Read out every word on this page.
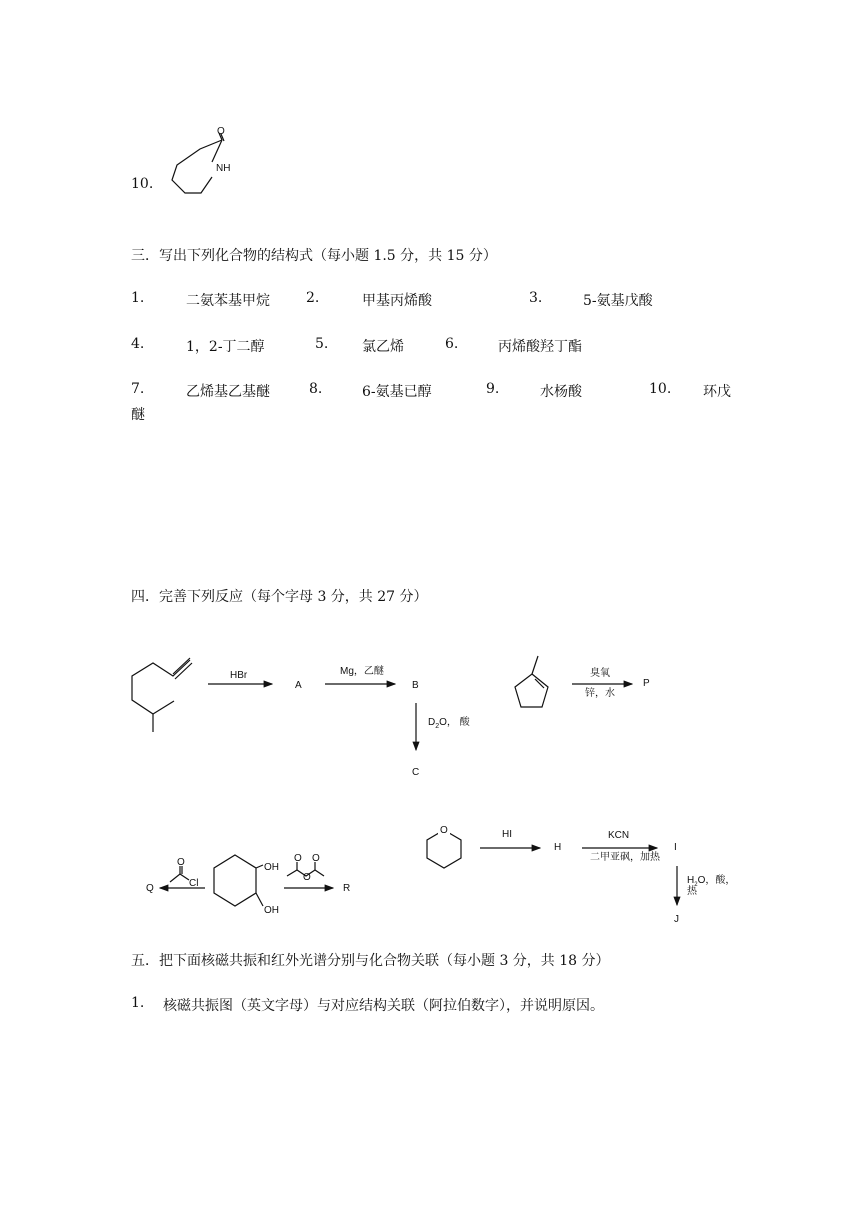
10.
O
NH
三．写出下列化合物的结构式（每小题 1.5 分，共 15 分）
1.	二氨苯基甲烷	2.	甲基丙烯酸	3.	5-氨基戊酸
4.	1，2-丁二醇	5. 氯乙烯	6.	丙烯酸羟丁酯
7.	乙烯基乙基醚	8.	6-氨基已醇	9.	水杨酸	10. 环戊
醚
四．完善下列反应（每个字母 3 分，共 27 分）
HBr
A
Mg，乙醚
B
$D_2O$， 酸
C
臭氧
锌，水
P
O	HI
H
KCN
二甲亚砜，加热
I
$H_2O$，酸，
热
J
Q
O
Cl
OH
OH
O
O
O
R
五．把下面核磁共振和红外光谱分别与化合物关联（每小题 3 分，共 18 分）
1. 核磁共振图（英文字母）与对应结构关联（阿拉伯数字），并说明原因。
